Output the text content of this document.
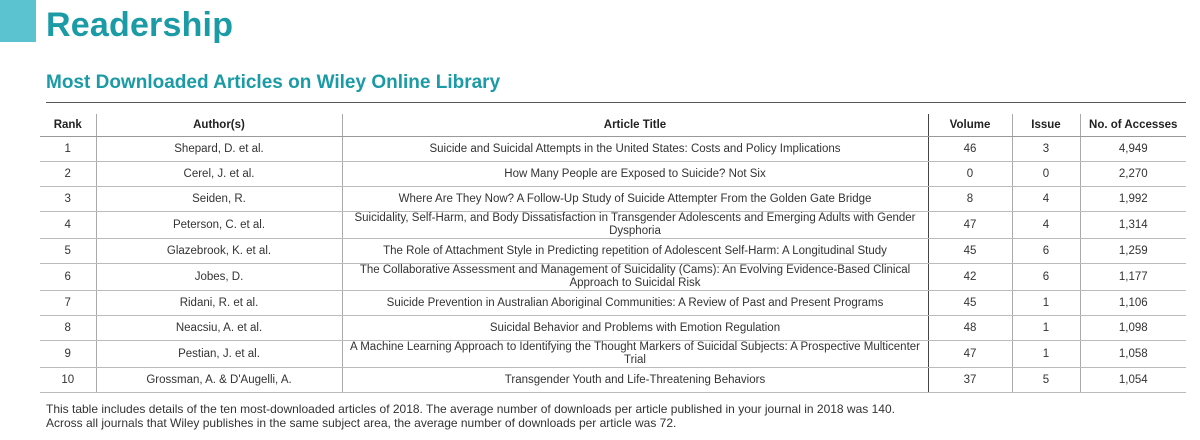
Readership
Most Downloaded Articles on Wiley Online Library
Rank	Author(s)	Article Title	Volume	Issue	No. of Accesses
1	Shepard, D. et al.	Suicide and Suicidal Attempts in the United States: Costs and Policy Implications	46	3	4,949
2	Cerel, J. et al.	How Many People are Exposed to Suicide? Not Six	0	0	2,270
3	Seiden, R.	Where Are They Now? A Follow-Up Study of Suicide Attempter From the Golden Gate Bridge	8	4	1,992
4	Peterson, C. et al.	Suicidality, Self-Harm, and Body Dissatisfaction in Transgender Adolescents and Emerging Adults with Gender Dysphoria	47	4	1,314
5	Glazebrook, K. et al.	The Role of Attachment Style in Predicting repetition of Adolescent Self-Harm: A Longitudinal Study	45	6	1,259
6	Jobes, D.	The Collaborative Assessment and Management of Suicidality (Cams): An Evolving Evidence-Based Clinical Approach to Suicidal Risk	42	6	1,177
7	Ridani, R. et al.	Suicide Prevention in Australian Aboriginal Communities: A Review of Past and Present Programs	45	1	1,106
8	Neacsiu, A. et al.	Suicidal Behavior and Problems with Emotion Regulation	48	1	1,098
9	Pestian, J. et al.	A Machine Learning Approach to Identifying the Thought Markers of Suicidal Subjects: A Prospective Multicenter Trial	47	1	1,058
10	Grossman, A. & D'Augelli, A.	Transgender Youth and Life-Threatening Behaviors	37	5	1,054
This table includes details of the ten most-downloaded articles of 2018. The average number of downloads per article published in your journal in 2018 was 140.
Across all journals that Wiley publishes in the same subject area, the average number of downloads per article was 72.
